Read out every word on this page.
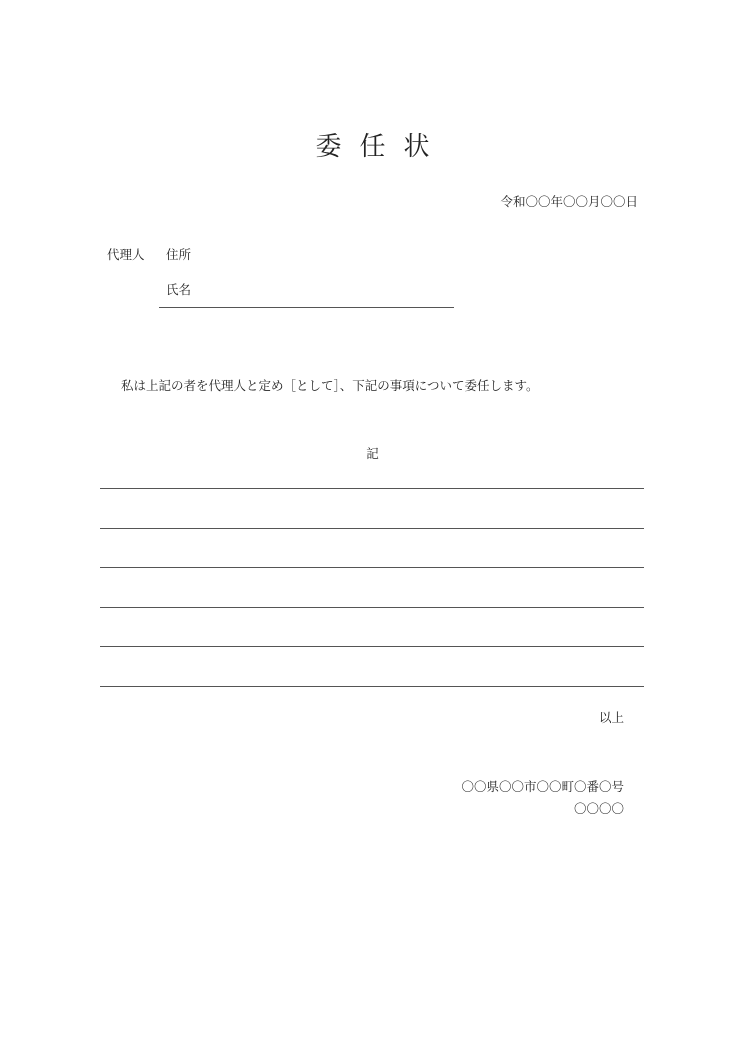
委任状
令和〇〇年〇〇月〇〇日
代理人 住所
氏名
私は上記の者を代理人と定め［として］、下記の事項について委任します。
記
以上
〇〇県〇〇市〇〇町〇番〇号
〇〇〇〇
